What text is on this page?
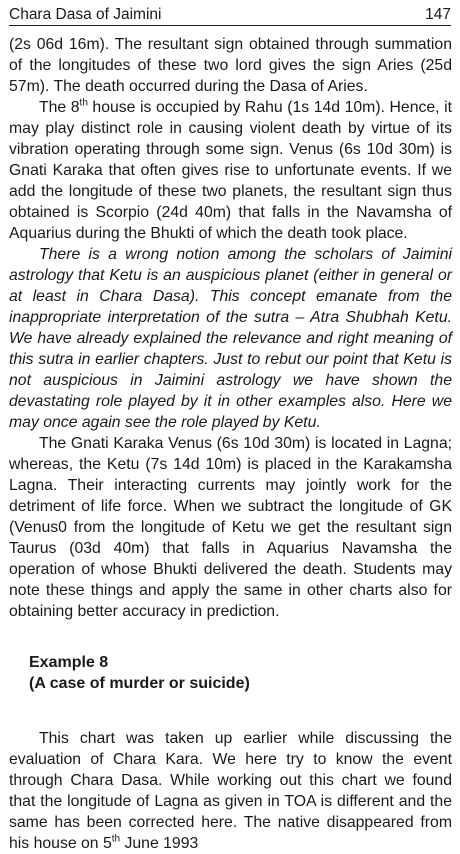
Chara Dasa of Jaimini	147

(2s 06d 16m). The resultant sign obtained through summation of the longitudes of these two lord gives the sign Aries (25d 57m). The death occurred during the Dasa of Aries.

The 8th house is occupied by Rahu (1s 14d 10m). Hence, it may play distinct role in causing violent death by virtue of its vibration operating through some sign. Venus (6s 10d 30m) is Gnati Karaka that often gives rise to unfortunate events. If we add the longitude of these two planets, the resultant sign thus obtained is Scorpio (24d 40m) that falls in the Navamsha of Aquarius during the Bhukti of which the death took place.

There is a wrong notion among the scholars of Jaimini astrology that Ketu is an auspicious planet (either in general or at least in Chara Dasa). This concept emanate from the inappropriate interpretation of the sutra – Atra Shubhah Ketu. We have already explained the relevance and right meaning of this sutra in earlier chapters. Just to rebut our point that Ketu is not auspicious in Jaimini astrology we have shown the devastating role played by it in other examples also. Here we may once again see the role played by Ketu.

The Gnati Karaka Venus (6s 10d 30m) is located in Lagna; whereas, the Ketu (7s 14d 10m) is placed in the Karakamsha Lagna. Their interacting currents may jointly work for the detriment of life force. When we subtract the longitude of GK (Venus0 from the longitude of Ketu we get the resultant sign Taurus (03d 40m) that falls in Aquarius Navamsha the operation of whose Bhukti delivered the death. Students may note these things and apply the same in other charts also for obtaining better accuracy in prediction.

Example 8

(A case of murder or suicide)

This chart was taken up earlier while discussing the evaluation of Chara Kara. We here try to know the event through Chara Dasa. While working out this chart we found that the longitude of Lagna as given in TOA is different and the same has been corrected here. The native disappeared from his house on 5th June 1993
